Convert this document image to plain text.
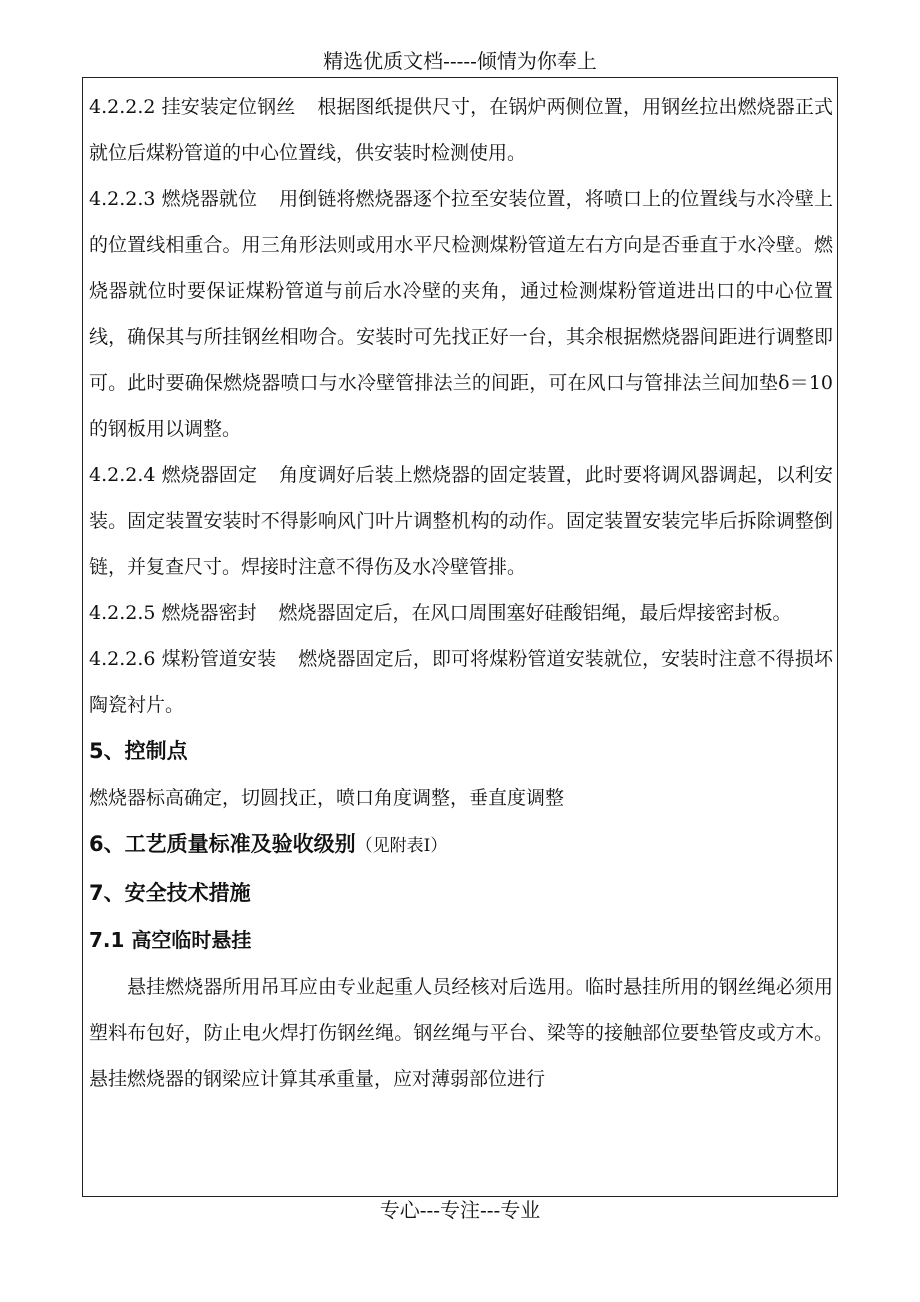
精选优质文档-----倾情为你奉上

4.2.2.2 挂安装定位钢丝 根据图纸提供尺寸，在锅炉两侧位置，用钢丝拉出燃烧器正式就位后煤粉管道的中心位置线，供安装时检测使用。

4.2.2.3 燃烧器就位 用倒链将燃烧器逐个拉至安装位置，将喷口上的位置线与水冷壁上的位置线相重合。用三角形法则或用水平尺检测煤粉管道左右方向是否垂直于水冷壁。燃烧器就位时要保证煤粉管道与前后水冷壁的夹角，通过检测煤粉管道进出口的中心位置线，确保其与所挂钢丝相吻合。安装时可先找正好一台，其余根据燃烧器间距进行调整即可。此时要确保燃烧器喷口与水冷壁管排法兰的间距，可在风口与管排法兰间加垫δ＝10的钢板用以调整。

4.2.2.4 燃烧器固定 角度调好后装上燃烧器的固定装置，此时要将调风器调起，以利安装。固定装置安装时不得影响风门叶片调整机构的动作。固定装置安装完毕后拆除调整倒链，并复查尺寸。焊接时注意不得伤及水冷壁管排。

4.2.2.5 燃烧器密封 燃烧器固定后，在风口周围塞好硅酸铝绳，最后焊接密封板。

4.2.2.6 煤粉管道安装 燃烧器固定后，即可将煤粉管道安装就位，安装时注意不得损坏陶瓷衬片。

5、控制点

燃烧器标高确定，切圆找正，喷口角度调整，垂直度调整

6、工艺质量标准及验收级别（见附表Ⅰ）

7、安全技术措施

7.1 高空临时悬挂

悬挂燃烧器所用吊耳应由专业起重人员经核对后选用。临时悬挂所用的钢丝绳必须用塑料布包好，防止电火焊打伤钢丝绳。钢丝绳与平台、梁等的接触部位要垫管皮或方木。悬挂燃烧器的钢梁应计算其承重量，应对薄弱部位进行

专心---专注---专业
